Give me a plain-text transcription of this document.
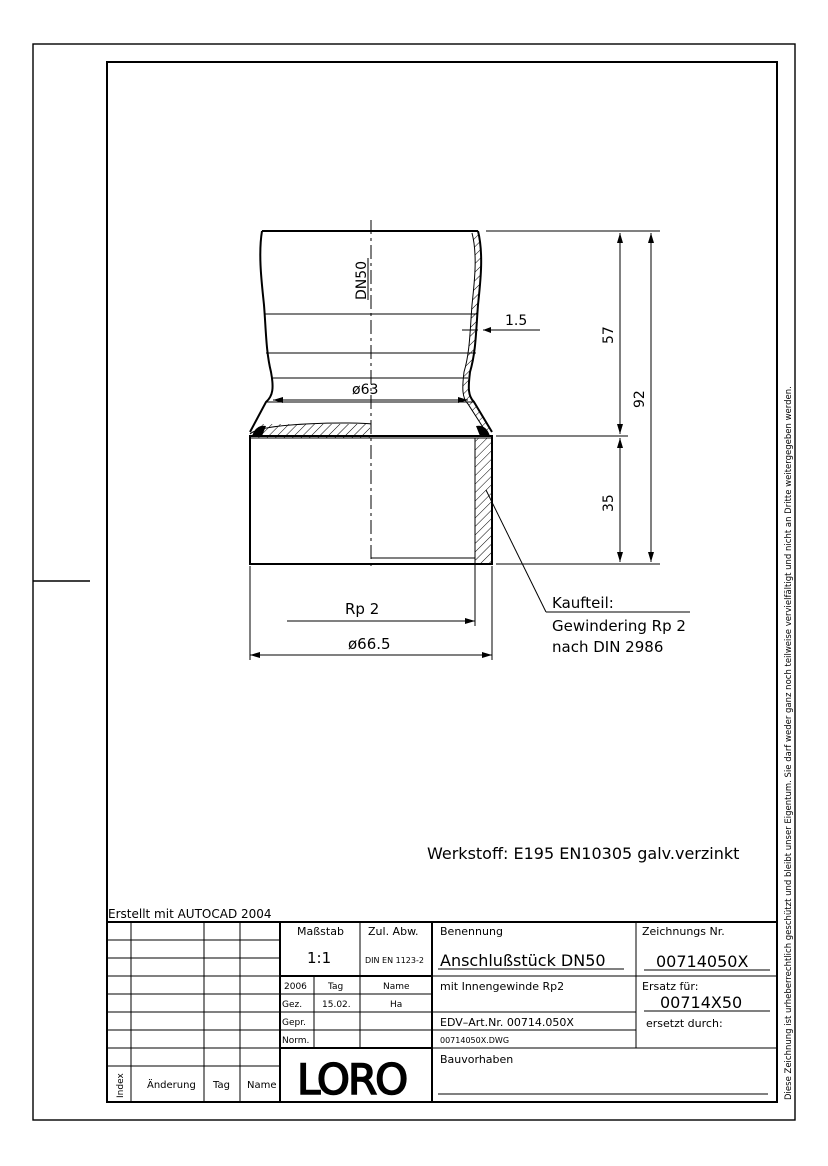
Diese Zeichnung ist urheberrechtlich geschützt und bleibt unser Eigentum. Sie darf weder ganz noch teilweise vervielfältigt und nicht an Dritte weitergegeben werden.
DN50
1.5
ø63
57
92
35
Rp 2
ø66.5
Kaufteil:
Gewindering Rp 2
nach DIN 2986
Werkstoff: E195 EN10305 galv.verzinkt
Erstellt mit AUTOCAD 2004
Index Änderung Tag Name
Maßstab
1:1
Zul. Abw.
DIN EN 1123-2
2006 Tag	Name
Gez. 15.02.	Ha
Gepr.
Norm.
LORO
Benennung
Anschlußstück DN50
mit Innengewinde Rp2
EDV–Art.Nr. 00714.050X
00714050X.DWG
Bauvorhaben
Zeichnungs Nr.
00714050X
Ersatz für:
00714X50
ersetzt durch:
